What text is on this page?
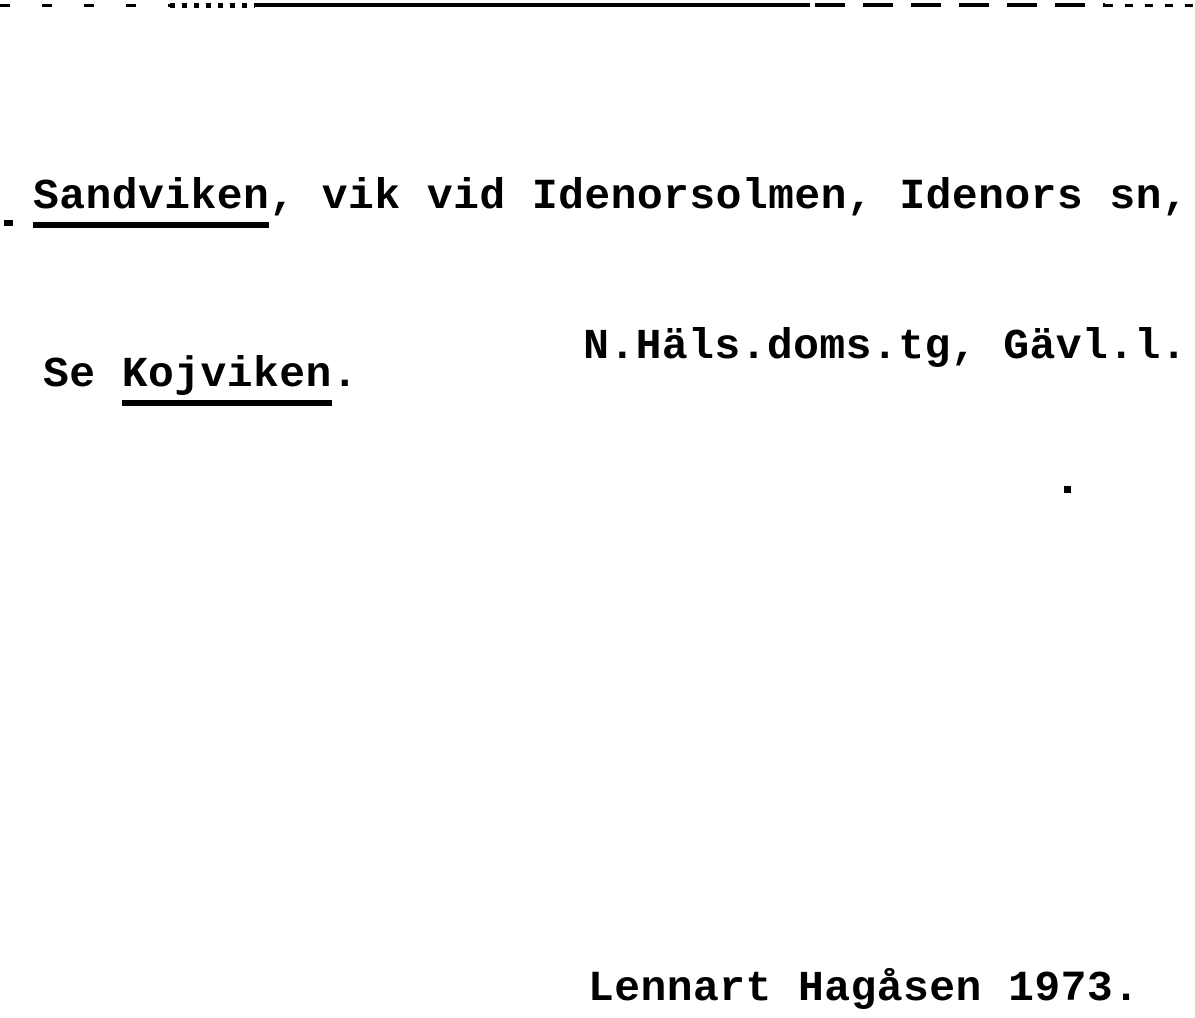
Sandviken, vik vid Idenorsolmen, Idenors sn,

N.Häls.doms.tg, Gävl.l.

Se Kojviken.
Lennart Hagåsen 1973.
